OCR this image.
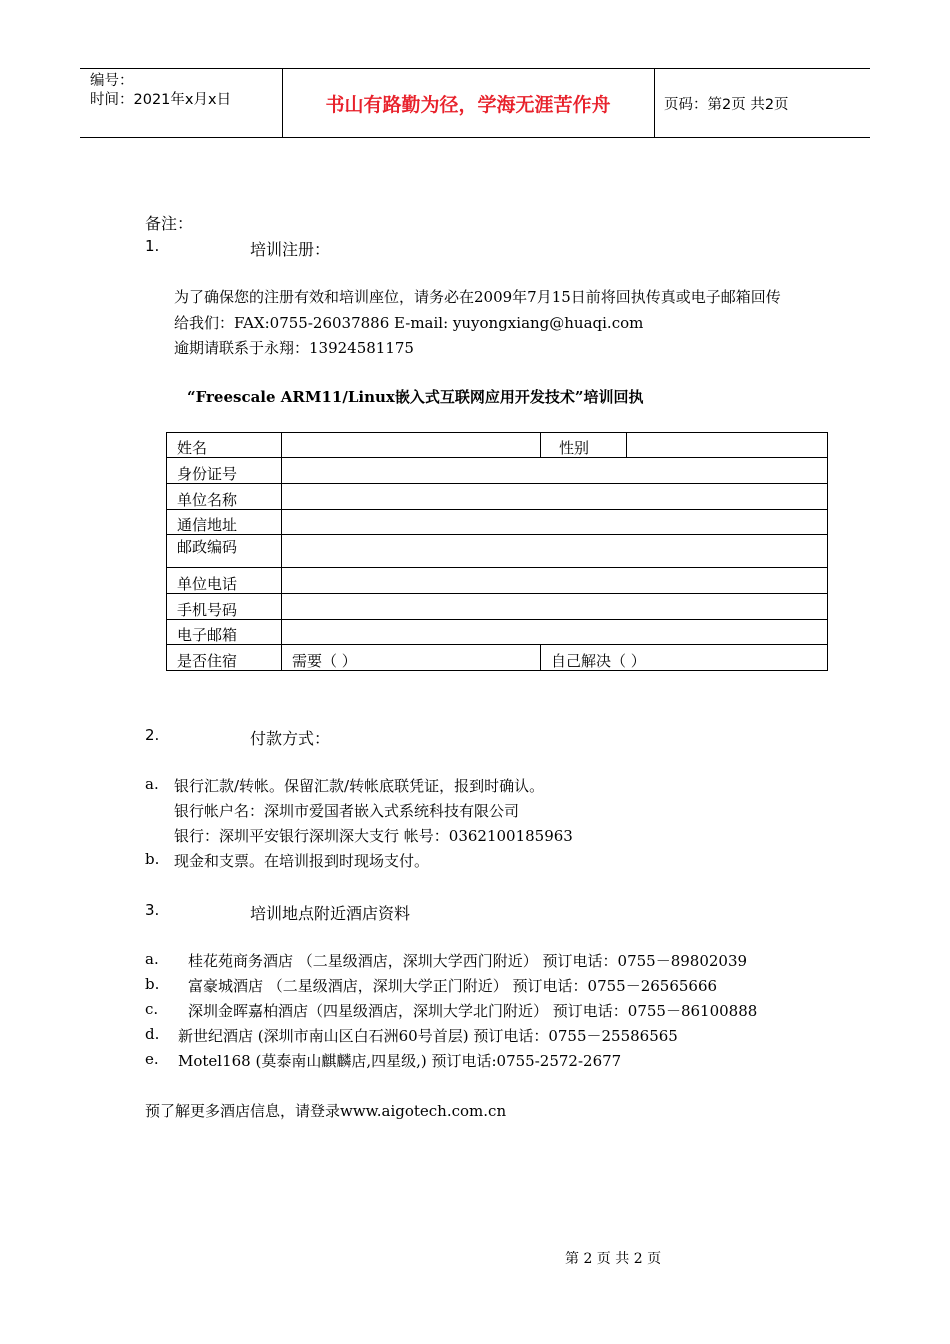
编号：
时间：2021年x月x日	书山有路勤为径，学海无涯苦作舟	页码：第2页 共2页
备注：
1.	培训注册：
为了确保您的注册有效和培训座位，请务必在2009年7月15日前将回执传真或电子邮箱回传
给我们：FAX:0755-26037886 E-mail: yuyongxiang@huaqi.com
逾期请联系于永翔：13924581175
“Freescale ARM11/Linux嵌入式互联网应用开发技术”培训回执
姓名		性别	
身份证号			
单位名称			
通信地址			
邮政编码			
单位电话			
手机号码			
电子邮箱			
是否住宿	需要（ ）	自己解决（ ）	
2.	付款方式：
a. 银行汇款/转帐。保留汇款/转帐底联凭证，报到时确认。
银行帐户名：深圳市爱国者嵌入式系统科技有限公司
银行：深圳平安银行深圳深大支行 帐号：0362100185963
b. 现金和支票。在培训报到时现场支付。
3.	培训地点附近酒店资料
a. 桂花苑商务酒店 （二星级酒店，深圳大学西门附近） 预订电话：0755－89802039
b. 富豪城酒店 （二星级酒店，深圳大学正门附近） 预订电话：0755－26565666
c. 深圳金晖嘉柏酒店（四星级酒店，深圳大学北门附近） 预订电话：0755－86100888
d. 新世纪酒店 (深圳市南山区白石洲60号首层) 预订电话：0755－25586565
e. Motel168 (莫泰南山麒麟店,四星级,) 预订电话:0755-2572-2677
预了解更多酒店信息，请登录www.aigotech.com.cn
第 2 页 共 2 页
